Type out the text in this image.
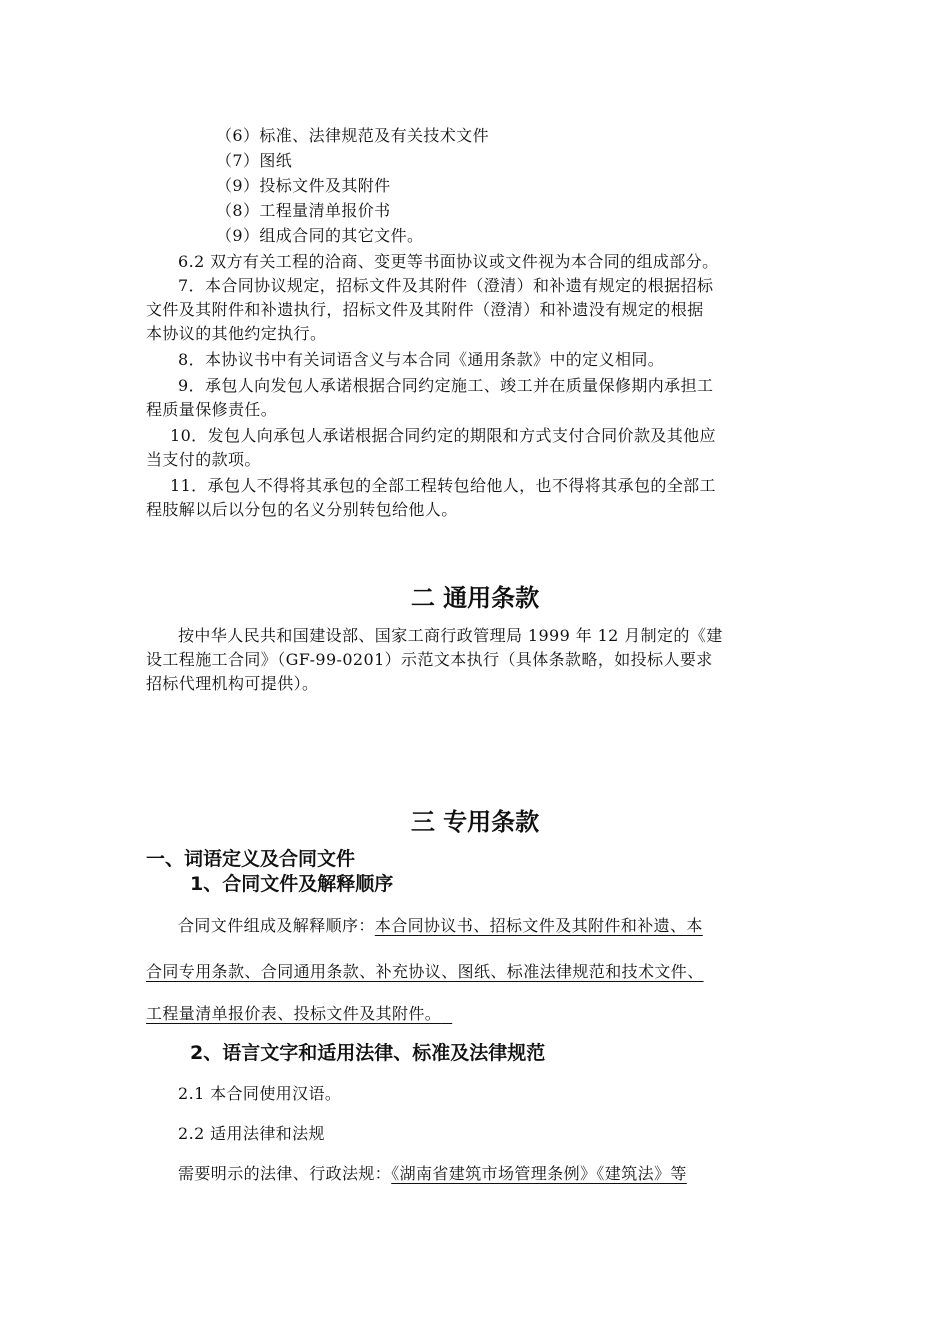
（6）标准、法律规范及有关技术文件
（7）图纸
（9）投标文件及其附件
（8）工程量清单报价书
（9）组成合同的其它文件。
6.2 双方有关工程的洽商、变更等书面协议或文件视为本合同的组成部分。
7．本合同协议规定，招标文件及其附件（澄清）和补遗有规定的根据招标
文件及其附件和补遗执行，招标文件及其附件（澄清）和补遗没有规定的根据
本协议的其他约定执行。
8．本协议书中有关词语含义与本合同《通用条款》中的定义相同。
9．承包人向发包人承诺根据合同约定施工、竣工并在质量保修期内承担工
程质量保修责任。
10．发包人向承包人承诺根据合同约定的期限和方式支付合同价款及其他应
当支付的款项。
11．承包人不得将其承包的全部工程转包给他人，也不得将其承包的全部工
程肢解以后以分包的名义分别转包给他人。
二 通用条款
按中华人民共和国建设部、国家工商行政管理局 1999 年 12 月制定的《建
设工程施工合同》（GF-99-0201）示范文本执行（具体条款略，如投标人要求
招标代理机构可提供）。
三 专用条款
一、词语定义及合同文件
1、合同文件及解释顺序
合同文件组成及解释顺序：本合同协议书、招标文件及其附件和补遗、本
合同专用条款、合同通用条款、补充协议、图纸、标准法律规范和技术文件、
工程量清单报价表、投标文件及其附件。
2、语言文字和适用法律、标准及法律规范
2.1 本合同使用汉语。
2.2 适用法律和法规
需要明示的法律、行政法规：《湖南省建筑市场管理条例》《建筑法》等
